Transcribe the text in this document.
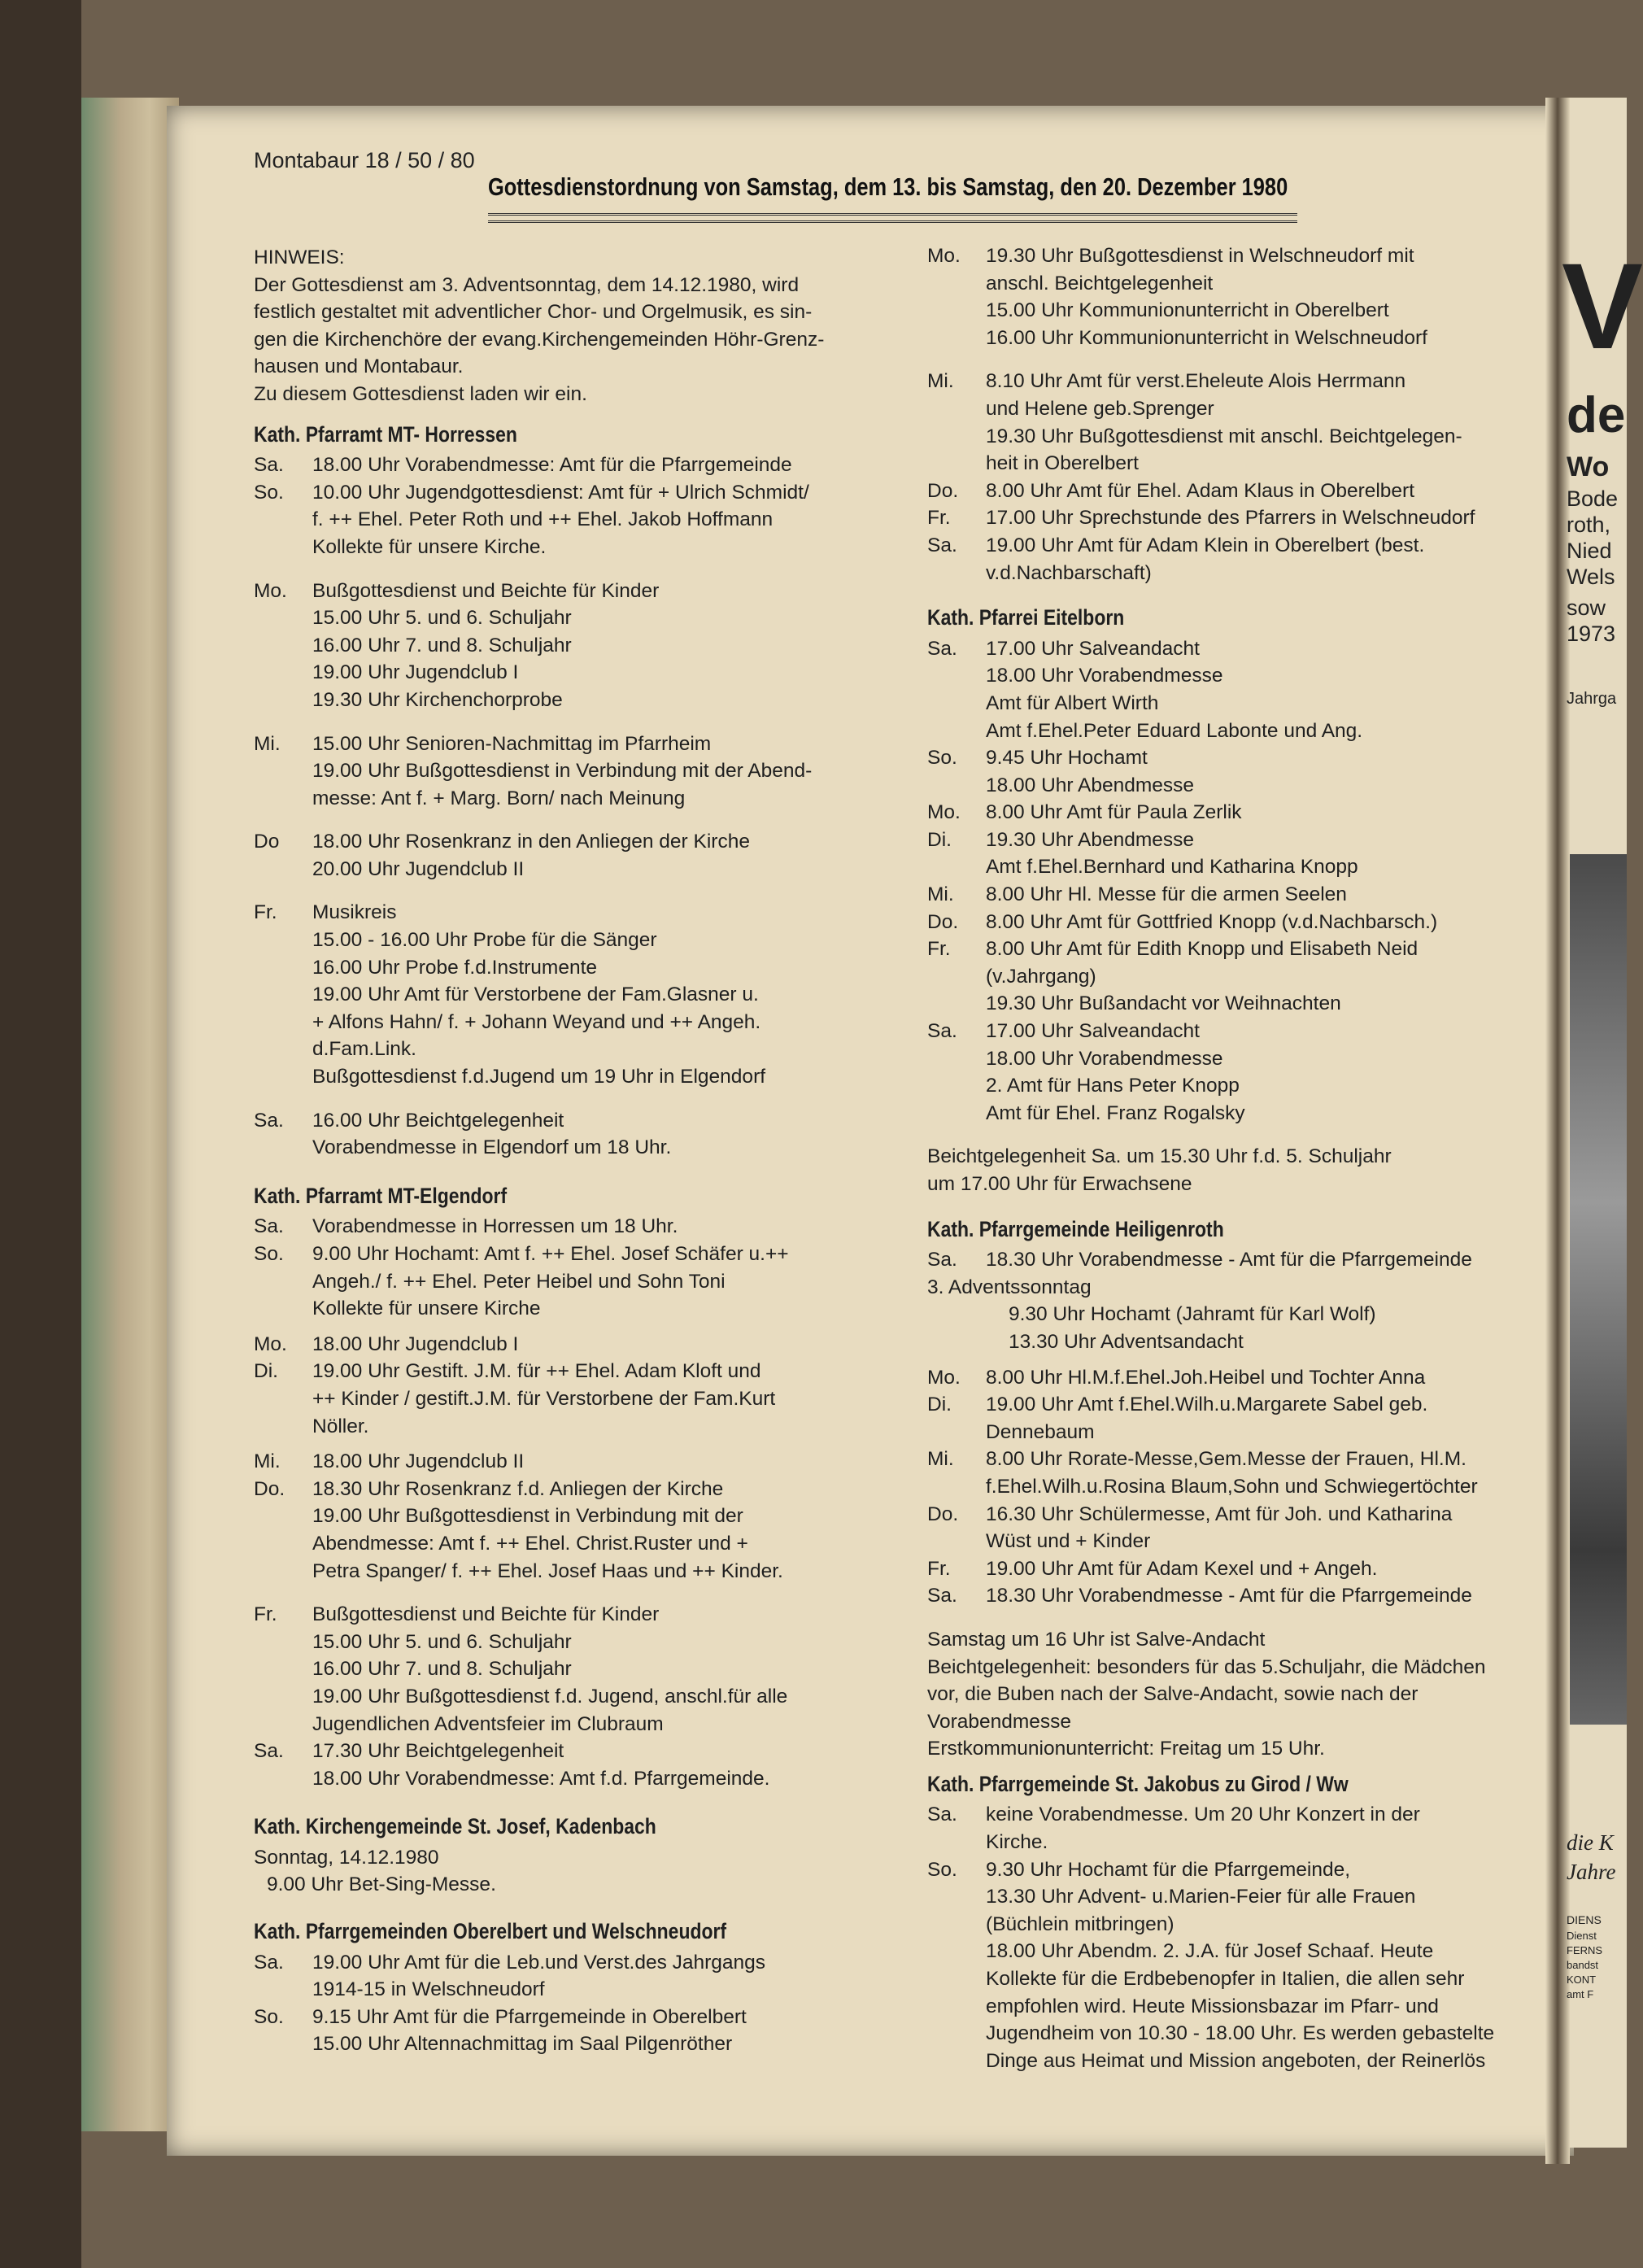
V
de
Wo
Bode
roth,
Nied
Wels
sow
1973
Jahrga
die K
Jahre
DIENS
Dienst
FERNS
bandst
KONT
amt F
Montabaur 18 / 50 / 80
Gottesdienstordnung von Samstag, dem 13. bis Samstag, den 20. Dezember 1980

HINWEIS:

Der Gottesdienst am 3. Adventsonntag, dem 14.12.1980, wird

festlich gestaltet mit adventlicher Chor- und Orgelmusik, es sin-

gen die Kirchenchöre der evang.Kirchengemeinden Höhr-Grenz-

hausen und Montabaur.

Zu diesem Gottesdienst laden wir ein.

Kath. Pfarramt MT- Horressen
Sa.	18.00 Uhr Vorabendmesse: Amt für die Pfarrgemeinde

So.	10.00 Uhr Jugendgottesdienst: Amt für + Ulrich Schmidt/

f. ++ Ehel. Peter Roth und ++ Ehel. Jakob Hoffmann

Kollekte für unsere Kirche.

Mo.	Bußgottesdienst und Beichte für Kinder

15.00 Uhr 5. und 6. Schuljahr

16.00 Uhr 7. und 8. Schuljahr

19.00 Uhr Jugendclub I

19.30 Uhr Kirchenchorprobe

Mi.	15.00 Uhr Senioren-Nachmittag im Pfarrheim

19.00 Uhr Bußgottesdienst in Verbindung mit der Abend-

messe: Ant f. + Marg. Born/ nach Meinung

Do	18.00 Uhr Rosenkranz in den Anliegen der Kirche

20.00 Uhr Jugendclub II

Fr.	Musikreis

15.00 - 16.00 Uhr Probe für die Sänger

16.00 Uhr Probe f.d.Instrumente

19.00 Uhr Amt für Verstorbene der Fam.Glasner u.

+ Alfons Hahn/ f. + Johann Weyand und ++ Angeh.

d.Fam.Link.

Bußgottesdienst f.d.Jugend um 19 Uhr in Elgendorf

Sa.	16.00 Uhr Beichtgelegenheit

Vorabendmesse in Elgendorf um 18 Uhr.

Kath. Pfarramt MT-Elgendorf
Sa.	Vorabendmesse in Horressen um 18 Uhr.

So.	9.00 Uhr Hochamt: Amt f. ++ Ehel. Josef Schäfer u.++

Angeh./ f. ++ Ehel. Peter Heibel und Sohn Toni

Kollekte für unsere Kirche

Mo.	18.00 Uhr Jugendclub I

Di.	19.00 Uhr Gestift. J.M. für ++ Ehel. Adam Kloft und

++ Kinder / gestift.J.M. für Verstorbene der Fam.Kurt

Nöller.

Mi.	18.00 Uhr Jugendclub II

Do.	18.30 Uhr Rosenkranz f.d. Anliegen der Kirche

19.00 Uhr Bußgottesdienst in Verbindung mit der

Abendmesse: Amt f. ++ Ehel. Christ.Ruster und +

Petra Spanger/ f. ++ Ehel. Josef Haas und ++ Kinder.

Fr.	Bußgottesdienst und Beichte für Kinder

15.00 Uhr 5. und 6. Schuljahr

16.00 Uhr 7. und 8. Schuljahr

19.00 Uhr Bußgottesdienst f.d. Jugend, anschl.für alle

Jugendlichen Adventsfeier im Clubraum

Sa.	17.30 Uhr Beichtgelegenheit

18.00 Uhr Vorabendmesse: Amt f.d. Pfarrgemeinde.

Kath. Kirchengemeinde St. Josef, Kadenbach

Sonntag, 14.12.1980

9.00 Uhr Bet-Sing-Messe.

Kath. Pfarrgemeinden Oberelbert und Welschneudorf
Sa.	19.00 Uhr Amt für die Leb.und Verst.des Jahrgangs

1914-15 in Welschneudorf

So.	9.15 Uhr Amt für die Pfarrgemeinde in Oberelbert

15.00 Uhr Altennachmittag im Saal Pilgenröther

Mo.	19.30 Uhr Bußgottesdienst in Welschneudorf mit

anschl. Beichtgelegenheit

15.00 Uhr Kommunionunterricht in Oberelbert

16.00 Uhr Kommunionunterricht in Welschneudorf

Mi.	8.10 Uhr Amt für verst.Eheleute Alois Herrmann

und Helene geb.Sprenger

19.30 Uhr Bußgottesdienst mit anschl. Beichtgelegen-

heit in Oberelbert

Do.	8.00 Uhr Amt für Ehel. Adam Klaus in Oberelbert

Fr.	17.00 Uhr Sprechstunde des Pfarrers in Welschneudorf

Sa.	19.00 Uhr Amt für Adam Klein in Oberelbert (best.

v.d.Nachbarschaft)

Kath. Pfarrei Eitelborn
Sa.	17.00 Uhr Salveandacht

18.00 Uhr Vorabendmesse

Amt für Albert Wirth

Amt f.Ehel.Peter Eduard Labonte und Ang.

So.	9.45 Uhr Hochamt

18.00 Uhr Abendmesse

Mo.	8.00 Uhr Amt für Paula Zerlik

Di.	19.30 Uhr Abendmesse

Amt f.Ehel.Bernhard und Katharina Knopp

Mi.	8.00 Uhr Hl. Messe für die armen Seelen

Do.	8.00 Uhr Amt für Gottfried Knopp (v.d.Nachbarsch.)

Fr.	8.00 Uhr Amt für Edith Knopp und Elisabeth Neid

(v.Jahrgang)

19.30 Uhr Bußandacht vor Weihnachten

Sa.	17.00 Uhr Salveandacht

18.00 Uhr Vorabendmesse

2. Amt für Hans Peter Knopp

Amt für Ehel. Franz Rogalsky

Beichtgelegenheit Sa. um 15.30 Uhr f.d. 5. Schuljahr

um 17.00 Uhr für Erwachsene

Kath. Pfarrgemeinde Heiligenroth
Sa.	18.30 Uhr Vorabendmesse - Amt für die Pfarrgemeinde

3. Adventssonntag

9.30 Uhr Hochamt (Jahramt für Karl Wolf)

13.30 Uhr Adventsandacht

Mo.	8.00 Uhr Hl.M.f.Ehel.Joh.Heibel und Tochter Anna

Di.	19.00 Uhr Amt f.Ehel.Wilh.u.Margarete Sabel geb.

Dennebaum

Mi.	8.00 Uhr Rorate-Messe,Gem.Messe der Frauen, Hl.M.

f.Ehel.Wilh.u.Rosina Blaum,Sohn und Schwiegertöchter

Do.	16.30 Uhr Schülermesse, Amt für Joh. und Katharina

Wüst und + Kinder

Fr.	19.00 Uhr Amt für Adam Kexel und + Angeh.

Sa.	18.30 Uhr Vorabendmesse - Amt für die Pfarrgemeinde

Samstag um 16 Uhr ist Salve-Andacht

Beichtgelegenheit: besonders für das 5.Schuljahr, die Mädchen

vor, die Buben nach der Salve-Andacht, sowie nach der

Vorabendmesse

Erstkommunionunterricht: Freitag um 15 Uhr.

Kath. Pfarrgemeinde St. Jakobus zu Girod / Ww
Sa.	keine Vorabendmesse. Um 20 Uhr Konzert in der

Kirche.

So.	9.30 Uhr Hochamt für die Pfarrgemeinde,

13.30 Uhr Advent- u.Marien-Feier für alle Frauen

(Büchlein mitbringen)

18.00 Uhr Abendm. 2. J.A. für Josef Schaaf. Heute

Kollekte für die Erdbebenopfer in Italien, die allen sehr

empfohlen wird. Heute Missionsbazar im Pfarr- und

Jugendheim von 10.30 - 18.00 Uhr. Es werden gebastelte

Dinge aus Heimat und Mission angeboten, der Reinerlös
